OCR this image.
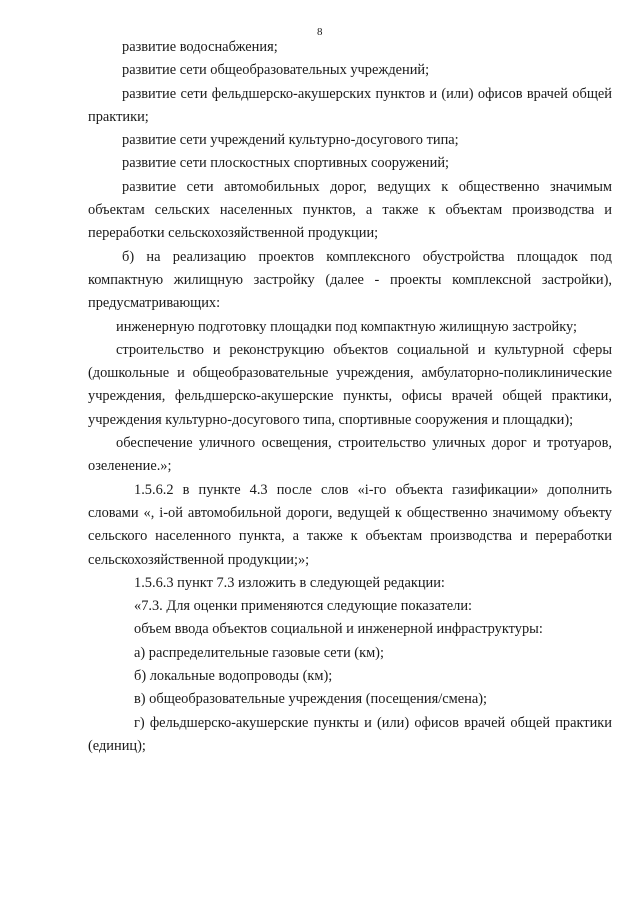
8

развитие водоснабжения;

развитие сети общеобразовательных учреждений;

развитие сети фельдшерско-акушерских пунктов и (или) офисов врачей общей практики;

развитие сети учреждений культурно-досугового типа;

развитие сети плоскостных спортивных сооружений;

развитие сети автомобильных дорог, ведущих к общественно значимым объектам сельских населенных пунктов, а также к объектам производства и переработки сельскохозяйственной продукции;

б) на реализацию проектов комплексного обустройства площадок под компактную жилищную застройку (далее - проекты комплексной застройки), предусматривающих:

инженерную подготовку площадки под компактную жилищную застройку;

строительство и реконструкцию объектов социальной и культурной сферы (дошкольные и общеобразовательные учреждения, амбулаторно-поликлинические учреждения, фельдшерско-акушерские пункты, офисы врачей общей практики, учреждения культурно-досугового типа, спортивные сооружения и площадки);

обеспечение уличного освещения, строительство уличных дорог и тротуаров, озеленение.»;

1.5.6.2 в пункте 4.3 после слов «i-го объекта газификации» дополнить словами «, i-ой автомобильной дороги, ведущей к общественно значимому объекту сельского населенного пункта, а также к объектам производства и переработки сельскохозяйственной продукции;»;

1.5.6.3 пункт 7.3 изложить в следующей редакции:

«7.3. Для оценки применяются следующие показатели:

объем ввода объектов социальной и инженерной инфраструктуры:

а) распределительные газовые сети (км);

б) локальные водопроводы (км);

в) общеобразовательные учреждения (посещения/смена);

г) фельдшерско-акушерские пункты и (или) офисов врачей общей практики (единиц);
